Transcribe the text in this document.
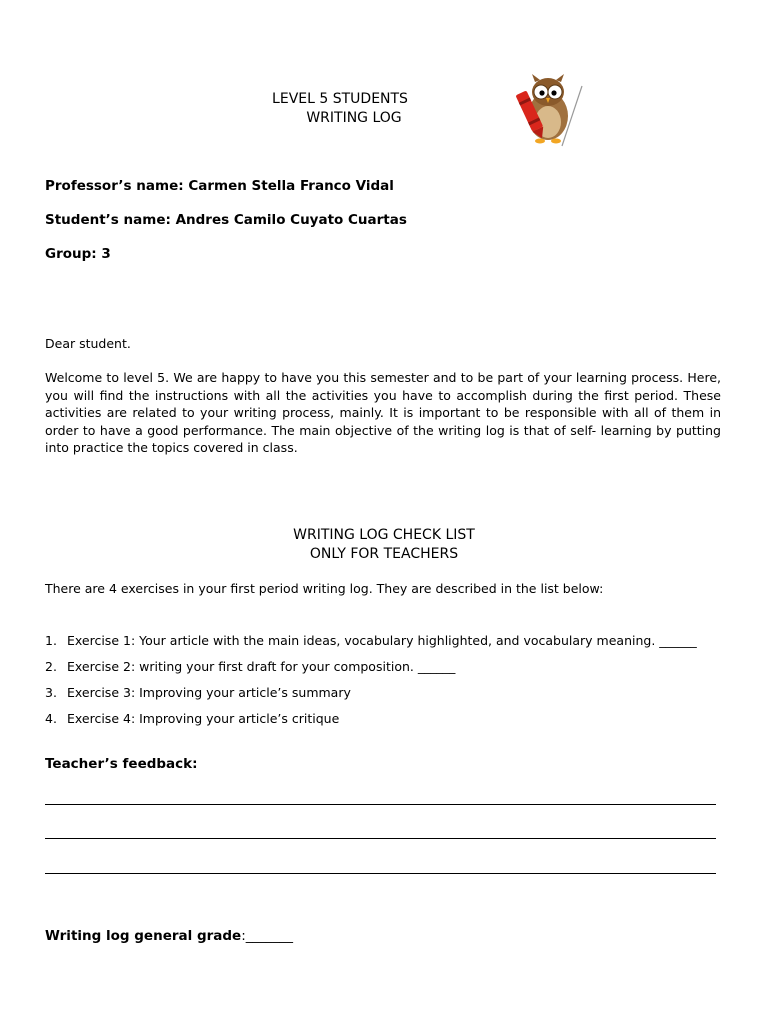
LEVEL 5 STUDENTS
WRITING LOG
Professor’s name: Carmen Stella Franco Vidal
Student’s name: Andres Camilo Cuyato Cuartas
Group: 3
Dear student.
Welcome to level 5. We are happy to have you this semester and to be part of your learning process. Here, you will find the instructions with all the activities you have to accomplish during the first period. These activities are related to your writing process, mainly. It is important to be responsible with all of them in order to have a good performance. The main objective of the writing log is that of self- learning by putting into practice the topics covered in class.
WRITING LOG CHECK LIST
ONLY FOR TEACHERS
There are 4 exercises in your first period writing log. They are described in the list below:
1. Exercise 1: Your article with the main ideas, vocabulary highlighted, and vocabulary meaning. ______
2. Exercise 2: writing your first draft for your composition. ______
3. Exercise 3: Improving your article’s summary
4. Exercise 4: Improving your article’s critique
Teacher’s feedback:
Writing log general grade:_______
